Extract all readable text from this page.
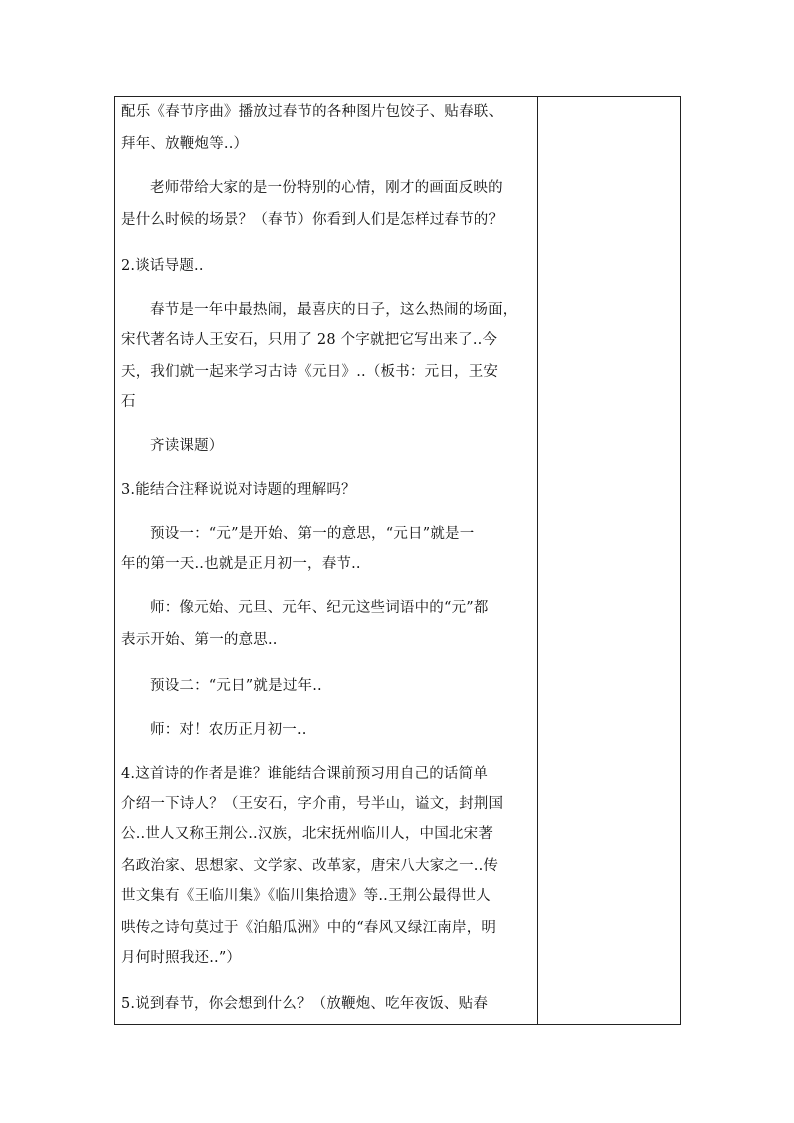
配乐《春节序曲》播放过春节的各种图片包饺子、贴春联、
拜年、放鞭炮等..）
老师带给大家的是一份特别的心情，刚才的画面反映的
是什么时候的场景？（春节）你看到人们是怎样过春节的？
2.谈话导题..
春节是一年中最热闹，最喜庆的日子，这么热闹的场面，
宋代著名诗人王安石，只用了 28 个字就把它写出来了..今
天，我们就一起来学习古诗《元日》..（板书：元日，王安
石
齐读课题）
3.能结合注释说说对诗题的理解吗？
预设一：“元”是开始、第一的意思，“元日”就是一
年的第一天..也就是正月初一，春节..
师：像元始、元旦、元年、纪元这些词语中的“元”都
表示开始、第一的意思..
预设二：“元日”就是过年..
师：对！农历正月初一..
4.这首诗的作者是谁？谁能结合课前预习用自己的话简单
介绍一下诗人？（王安石，字介甫，号半山，谥文，封荆国
公..世人又称王荆公..汉族，北宋抚州临川人，中国北宋著
名政治家、思想家、文学家、改革家，唐宋八大家之一..传
世文集有《王临川集》《临川集拾遗》等..王荆公最得世人
哄传之诗句莫过于《泊船瓜洲》中的“春风又绿江南岸，明
月何时照我还..”）
5.说到春节，你会想到什么？（放鞭炮、吃年夜饭、贴春
